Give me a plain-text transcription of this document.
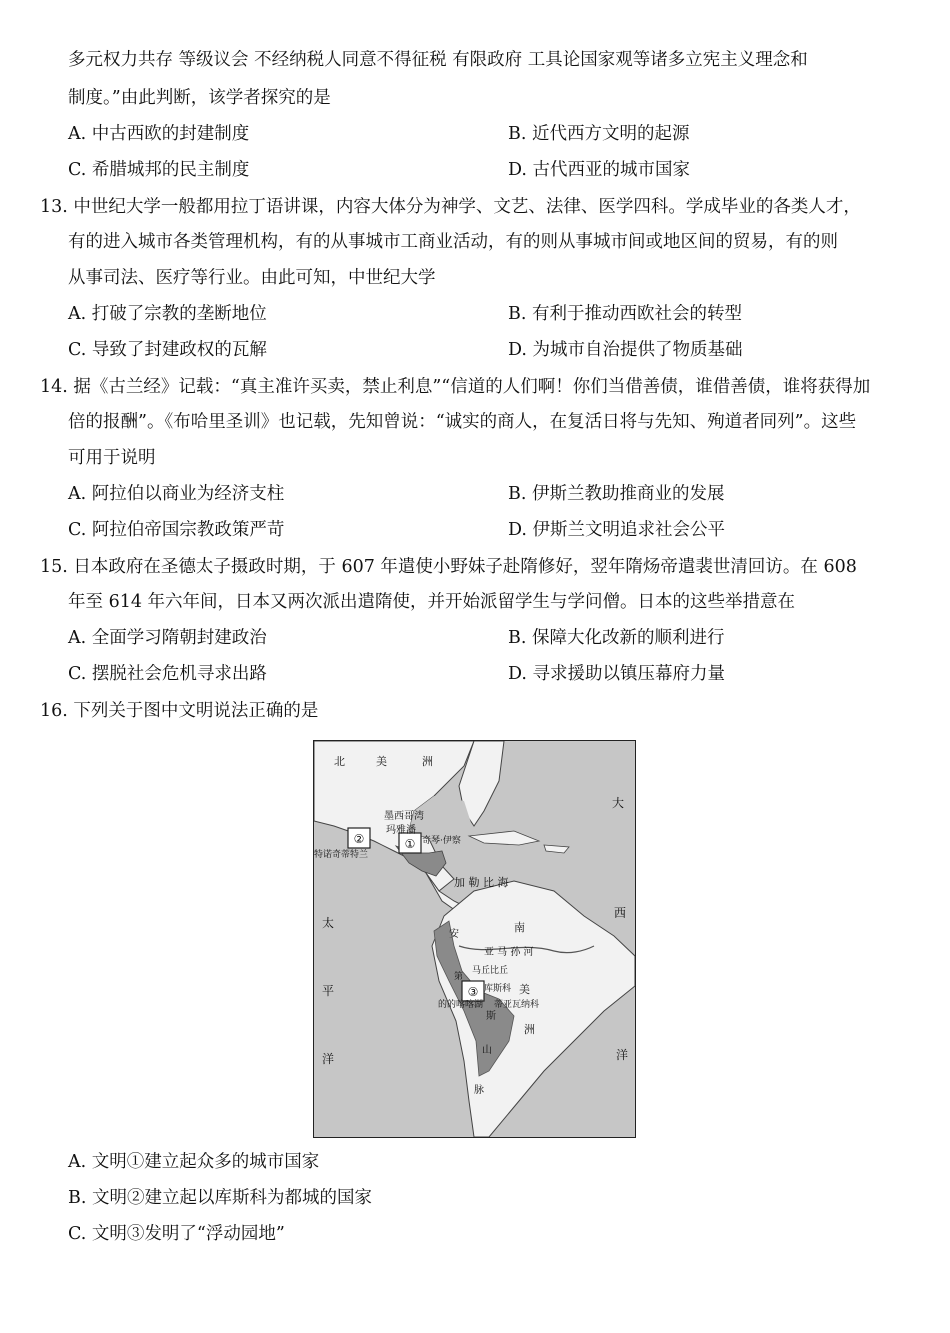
多元权力共存 等级议会 不经纳税人同意不得征税 有限政府 工具论国家观等诸多立宪主义理念和
制度。”由此判断，该学者探究的是
A. 中古西欧的封建制度	B. 近代西方文明的起源
C. 希腊城邦的民主制度	D. 古代西亚的城市国家
13. 中世纪大学一般都用拉丁语讲课，内容大体分为神学、文艺、法律、医学四科。学成毕业的各类人才，
有的进入城市各类管理机构，有的从事城市工商业活动，有的则从事城市间或地区间的贸易，有的则
从事司法、医疗等行业。由此可知，中世纪大学
A. 打破了宗教的垄断地位	B. 有利于推动西欧社会的转型
C. 导致了封建政权的瓦解	D. 为城市自治提供了物质基础
14. 据《古兰经》记载：“真主准许买卖，禁止利息”“信道的人们啊！你们当借善债，谁借善债，谁将获得加
倍的报酬”。《布哈里圣训》也记载，先知曾说：“诚实的商人，在复活日将与先知、殉道者同列”。这些
可用于说明
A. 阿拉伯以商业为经济支柱	B. 伊斯兰教助推商业的发展
C. 阿拉伯帝国宗教政策严苛	D. 伊斯兰文明追求社会公平
15. 日本政府在圣德太子摄政时期，于 607 年遣使小野妹子赴隋修好，翌年隋炀帝遣裴世清回访。在 608
年至 614 年六年间，日本又两次派出遣隋使，并开始派留学生与学问僧。日本的这些举措意在
A. 全面学习隋朝封建政治	B. 保障大化改新的顺利进行
C. 摆脱社会危机寻求出路	D. 寻求援助以镇压幕府力量
16. 下列关于图中文明说法正确的是
②	①
③
北	美	洲
墨西哥湾
玛雅潘
奇琴·伊察
特诺奇蒂特兰
加 勒 比 海
大
西
洋
太
平
洋
南
亚 马 孙 河
美
洲
安
第
斯
山
脉
马丘比丘
库斯科
的的喀喀湖 蒂亚瓦纳科
A. 文明①建立起众多的城市国家
B. 文明②建立起以库斯科为都城的国家
C. 文明③发明了“浮动园地”
